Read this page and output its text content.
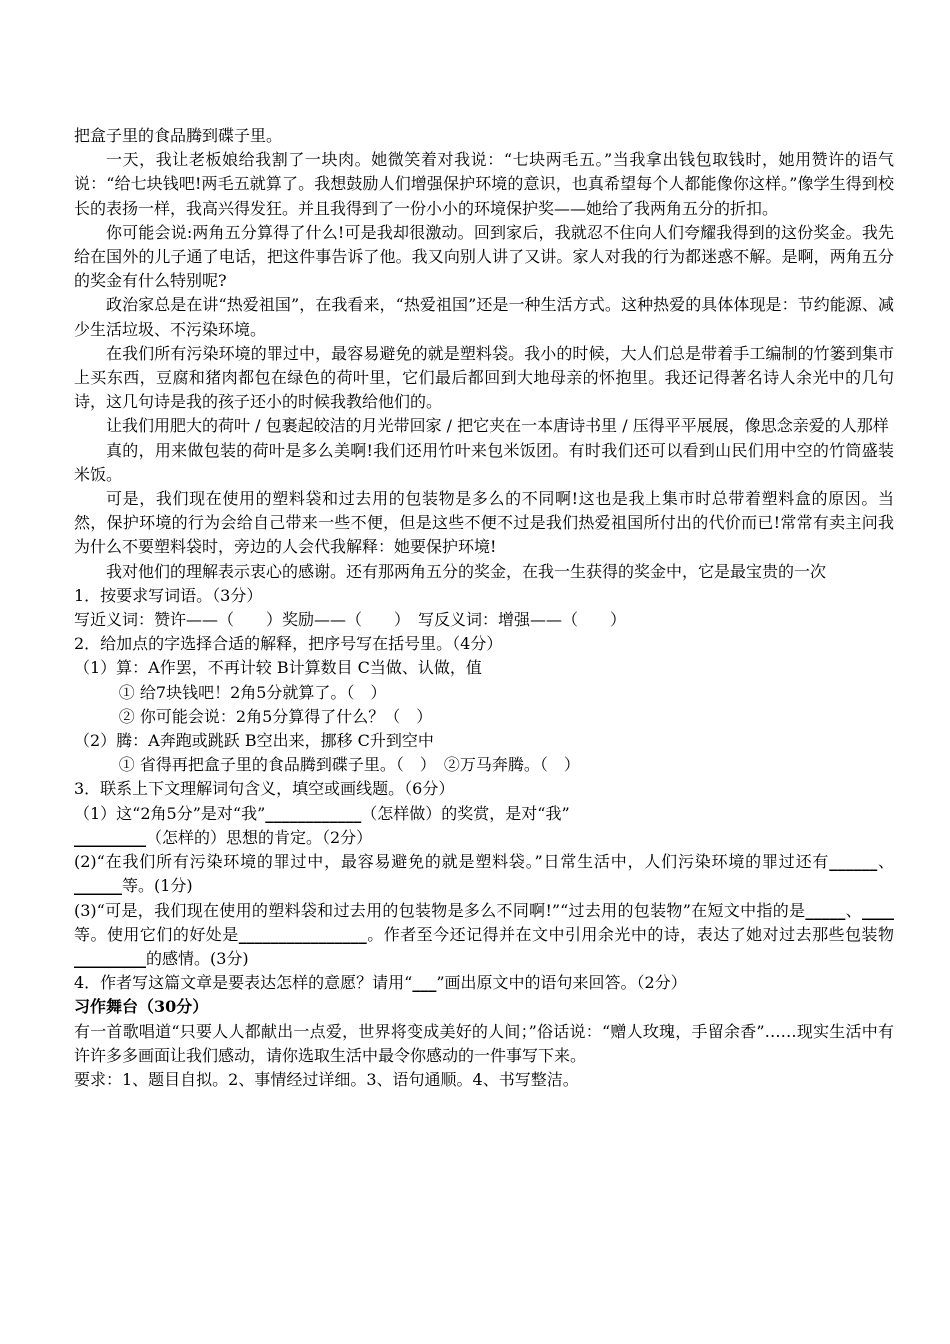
把盒子里的食品腾到碟子里。

一天，我让老板娘给我割了一块肉。她微笑着对我说：“七块两毛五。”当我拿出钱包取钱时，她用赞许的语气说：“给七块钱吧!两毛五就算了。我想鼓励人们增强保护环境的意识，也真希望每个人都能像你这样。”像学生得到校长的表扬一样，我高兴得发狂。并且我得到了一份小小的环境保护奖——她给了我两角五分的折扣。

你可能会说:两角五分算得了什么!可是我却很激动。回到家后，我就忍不住向人们夸耀我得到的这份奖金。我先给在国外的儿子通了电话，把这件事告诉了他。我又向别人讲了又讲。家人对我的行为都迷惑不解。是啊，两角五分的奖金有什么特别呢?

政治家总是在讲“热爱祖国”，在我看来，“热爱祖国”还是一种生活方式。这种热爱的具体体现是：节约能源、减少生活垃圾、不污染环境。

在我们所有污染环境的罪过中，最容易避免的就是塑料袋。我小的时候，大人们总是带着手工编制的竹篓到集市上买东西，豆腐和猪肉都包在绿色的荷叶里，它们最后都回到大地母亲的怀抱里。我还记得著名诗人余光中的几句诗，这几句诗是我的孩子还小的时候我教给他们的。

让我们用肥大的荷叶 / 包裹起皎洁的月光带回家 / 把它夹在一本唐诗书里 / 压得平平展展，像思念亲爱的人那样

真的，用来做包装的荷叶是多么美啊!我们还用竹叶来包米饭团。有时我们还可以看到山民们用中空的竹筒盛装米饭。

可是，我们现在使用的塑料袋和过去用的包装物是多么的不同啊!这也是我上集市时总带着塑料盒的原因。当然，保护环境的行为会给自己带来一些不便，但是这些不便不过是我们热爱祖国所付出的代价而已!常常有卖主问我为什么不要塑料袋时，旁边的人会代我解释：她要保护环境!

我对他们的理解表示衷心的感谢。还有那两角五分的奖金，在我一生获得的奖金中，它是最宝贵的一次

1．按要求写词语。（3分）

写近义词：赞许——（　　）奖励——（　　）　写反义词：增强——（　　）

2．给加点的字选择合适的解释，把序号写在括号里。（4分）

（1）算：A作罢，不再计较 B计算数目 C当做、认做，值

① 给7块钱吧！2角5分就算了。（　）

② 你可能会说：2角5分算得了什么？（　）

（2）腾：A奔跑或跳跃 B空出来，挪移 C升到空中

① 省得再把盒子里的食品腾到碟子里。（　）　②万马奔腾。（　）

3．联系上下文理解词句含义，填空或画线题。（6分）

（1）这“2角5分”是对“我”____________（怎样做）的奖赏，是对“我”
_________（怎样的）思想的肯定。（2分）

(2)“在我们所有污染环境的罪过中，最容易避免的就是塑料袋。”日常生活中，人们污染环境的罪过还有______、______等。(1分)

(3)“可是，我们现在使用的塑料袋和过去用的包装物是多么不同啊!”“过去用的包装物”在短文中指的是_____、____等。使用它们的好处是________________。作者至今还记得并在文中引用余光中的诗，表达了她对过去那些包装物_________的感情。(3分)

4．作者写这篇文章是要表达怎样的意愿？请用“___”画出原文中的语句来回答。（2分）

习作舞台（30分）

有一首歌唱道“只要人人都献出一点爱，世界将变成美好的人间；”俗话说：“赠人玫瑰，手留余香”……现实生活中有许许多多画面让我们感动，请你选取生活中最令你感动的一件事写下来。

要求：1、题目自拟。2、事情经过详细。3、语句通顺。4、书写整洁。
